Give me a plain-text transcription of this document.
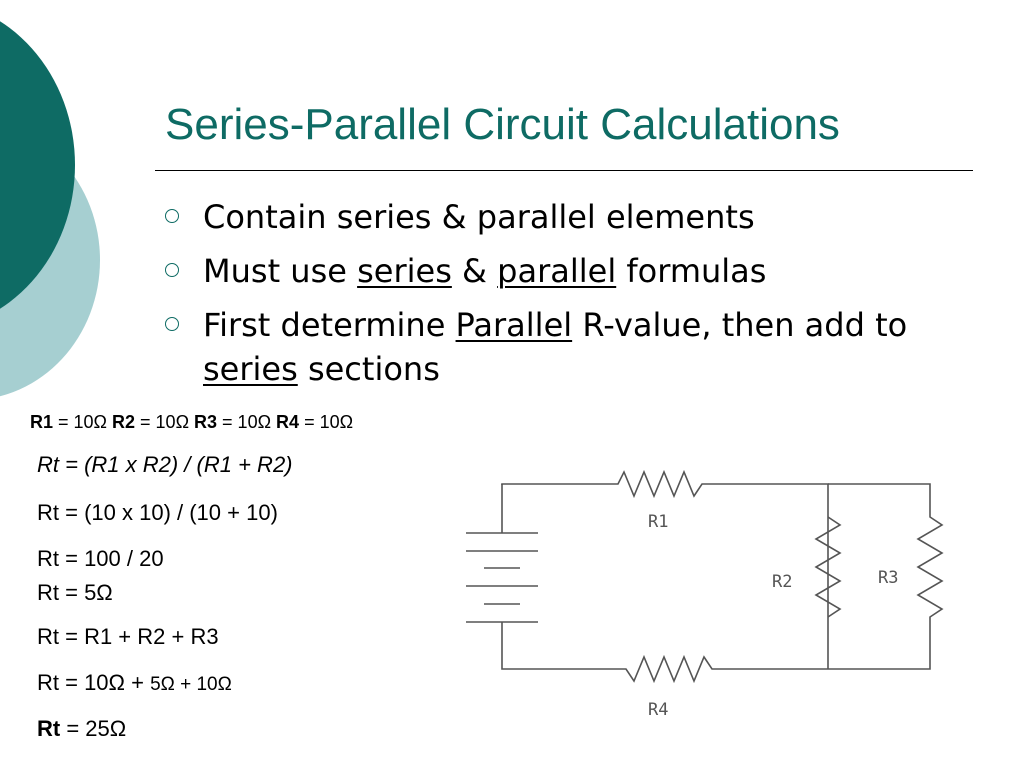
Series-Parallel Circuit Calculations
Contain series & parallel elements
Must use series & parallel formulas
First determine Parallel R-value, then add to series sections
R1 = 10Ω R2 = 10Ω R3 = 10Ω R4 = 10Ω
Rt = (R1 x R2) / (R1 + R2)
Rt = (10 x 10) / (10 + 10)
Rt = 100 / 20
Rt = 5Ω
Rt = R1 + R2 + R3
Rt = 10Ω + 5Ω + 10Ω
Rt = 25Ω
R1
R2	R3
R4
